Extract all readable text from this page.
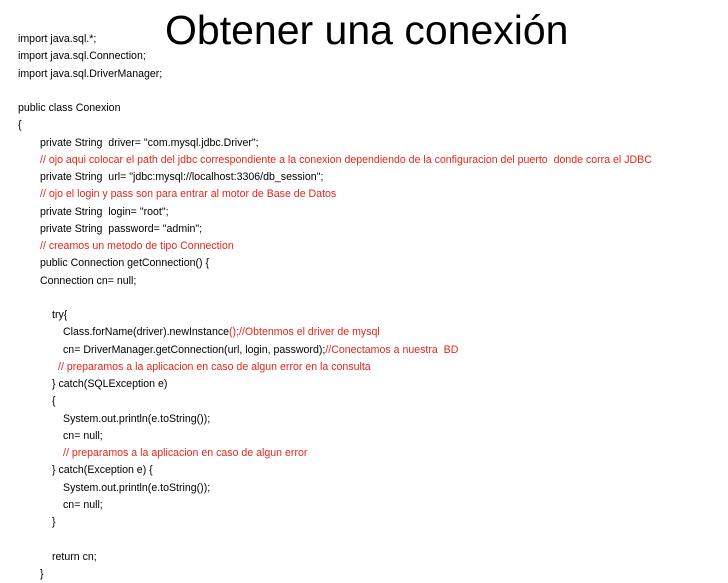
Obtener una conexión
import java.sql.*;
import java.sql.Connection;
import java.sql.DriverManager;
public class Conexion
{
private String  driver= "com.mysql.jdbc.Driver";
// ojo aqui colocar el path del jdbc correspondiente a la conexion dependiendo de la configuracion del puerto  donde corra el JDBC
private String  url= "jdbc:mysql://localhost:3306/db_session";
// ojo el login y pass son para entrar al motor de Base de Datos
private String  login= "root";
private String  password= "admin";
// creamos un metodo de tipo Connection
public Connection getConnection() {
Connection cn= null;
try{
Class.forName(driver).newInstance();//Obtenmos el driver de mysql
cn= DriverManager.getConnection(url, login, password);//Conectamos a nuestra  BD
// preparamos a la aplicacion en caso de algun error en la consulta
} catch(SQLException e)
{
System.out.println(e.toString());
cn= null;
// preparamos a la aplicacion en caso de algun error
} catch(Exception e) {
System.out.println(e.toString());
cn= null;
}
return cn;
}
